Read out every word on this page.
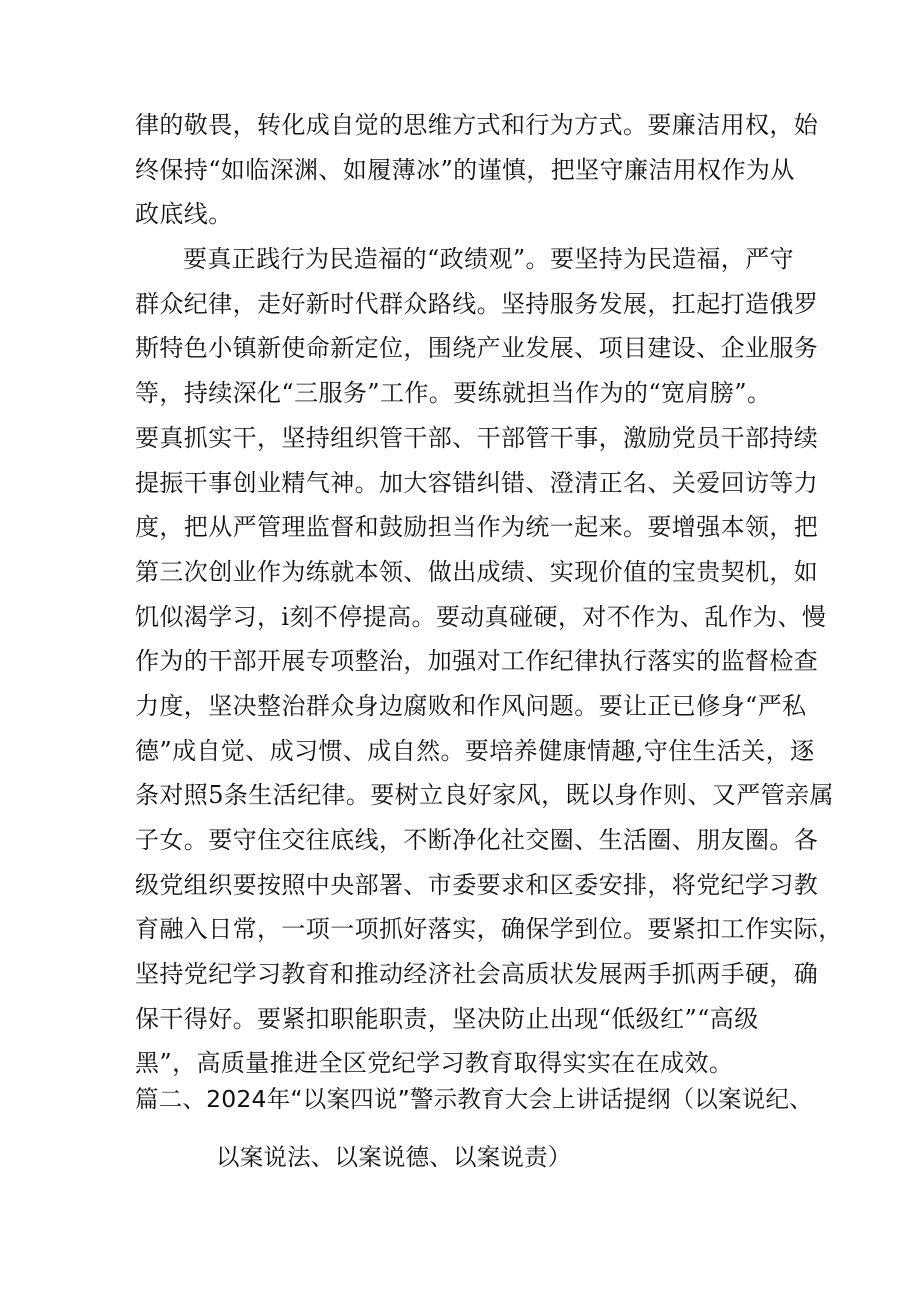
律的敬畏，转化成自觉的思维方式和行为方式。要廉洁用权，始
终保持“如临深渊、如履薄冰”的谨慎，把坚守廉洁用权作为从
政底线。
要真正践行为民造福的“政绩观”。要坚持为民造福，严守
群众纪律，走好新时代群众路线。坚持服务发展，扛起打造俄罗
斯特色小镇新使命新定位，围绕产业发展、项目建设、企业服务
等，持续深化“三服务”工作。要练就担当作为的“宽肩膀”。
要真抓实干，坚持组织管干部、干部管干事，激励党员干部持续
提振干事创业精气神。加大容错纠错、澄清正名、关爱回访等力
度，把从严管理监督和鼓励担当作为统一起来。要增强本领，把
第三次创业作为练就本领、做出成绩、实现价值的宝贵契机，如
饥似渴学习，i刻不停提高。要动真碰硬，对不作为、乱作为、慢
作为的干部开展专项整治，加强对工作纪律执行落实的监督检查
力度，坚决整治群众身边腐败和作风问题。要让正已修身“严私
德”成自觉、成习惯、成自然。要培养健康情趣,守住生活关，逐
条对照5条生活纪律。要树立良好家风，既以身作则、又严管亲属
子女。要守住交往底线，不断净化社交圈、生活圈、朋友圈。各
级党组织要按照中央部署、市委要求和区委安排，将党纪学习教
育融入日常，一项一项抓好落实，确保学到位。要紧扣工作实际，
坚持党纪学习教育和推动经济社会高质状发展两手抓两手硬，确
保干得好。要紧扣职能职责，坚决防止出现“低级红”“高级
黑”，高质量推进全区党纪学习教育取得实实在在成效。
篇二、2024年“以案四说”警示教育大会上讲话提纲（以案说纪、
以案说法、以案说德、以案说责）
